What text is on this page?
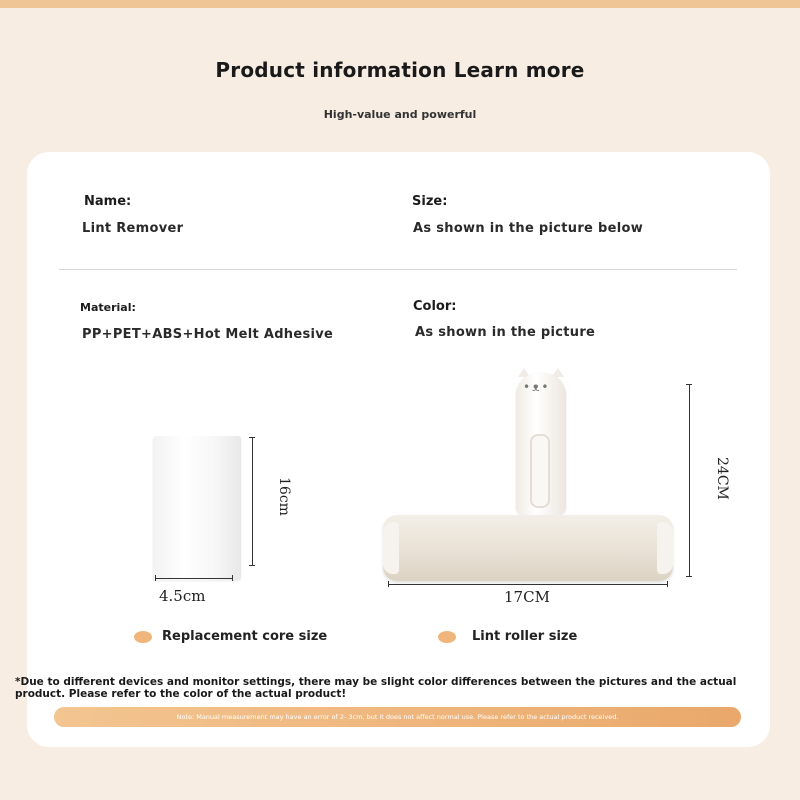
Product information Learn more
High-value and powerful
Name:
Lint Remover
Size:
As shown in the picture below
Material:
PP+PET+ABS+Hot Melt Adhesive
Color:
As shown in the picture
16cm
4.5cm
•ᴥ•
24CM
17CM
Replacement core size	Lint roller size
*Due to different devices and monitor settings, there may be slight color differences between the pictures and the actual product. Please refer to the color of the actual product!
Note: Manual measurement may have an error of 2- 3cm, but it does not affect normal use. Please refer to the actual product received.
